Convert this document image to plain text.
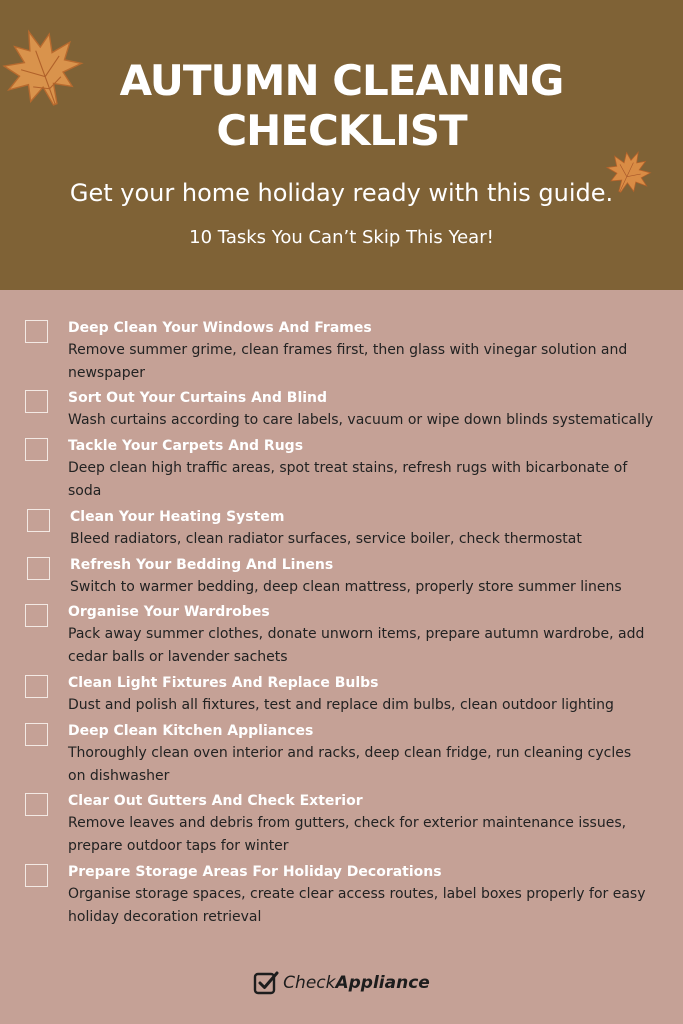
AUTUMN CLEANING
CHECKLIST
Get your home holiday ready with this guide.
10 Tasks You Can’t Skip This Year!
Deep Clean Your Windows And Frames
Remove summer grime, clean frames first, then glass with vinegar solution and newspaper
Sort Out Your Curtains And Blind
Wash curtains according to care labels, vacuum or wipe down blinds systematically
Tackle Your Carpets And Rugs
Deep clean high traffic areas, spot treat stains, refresh rugs with bicarbonate of soda
Clean Your Heating System
Bleed radiators, clean radiator surfaces, service boiler, check thermostat
Refresh Your Bedding And Linens
Switch to warmer bedding, deep clean mattress, properly store summer linens
Organise Your Wardrobes
Pack away summer clothes, donate unworn items, prepare autumn wardrobe, add cedar balls or lavender sachets
Clean Light Fixtures And Replace Bulbs
Dust and polish all fixtures, test and replace dim bulbs, clean outdoor lighting
Deep Clean Kitchen Appliances
Thoroughly clean oven interior and racks, deep clean fridge, run cleaning cycles on dishwasher
Clear Out Gutters And Check Exterior
Remove leaves and debris from gutters, check for exterior maintenance issues, prepare outdoor taps for winter
Prepare Storage Areas For Holiday Decorations
Organise storage spaces, create clear access routes, label boxes properly for easy holiday decoration retrieval
Check Appliance
